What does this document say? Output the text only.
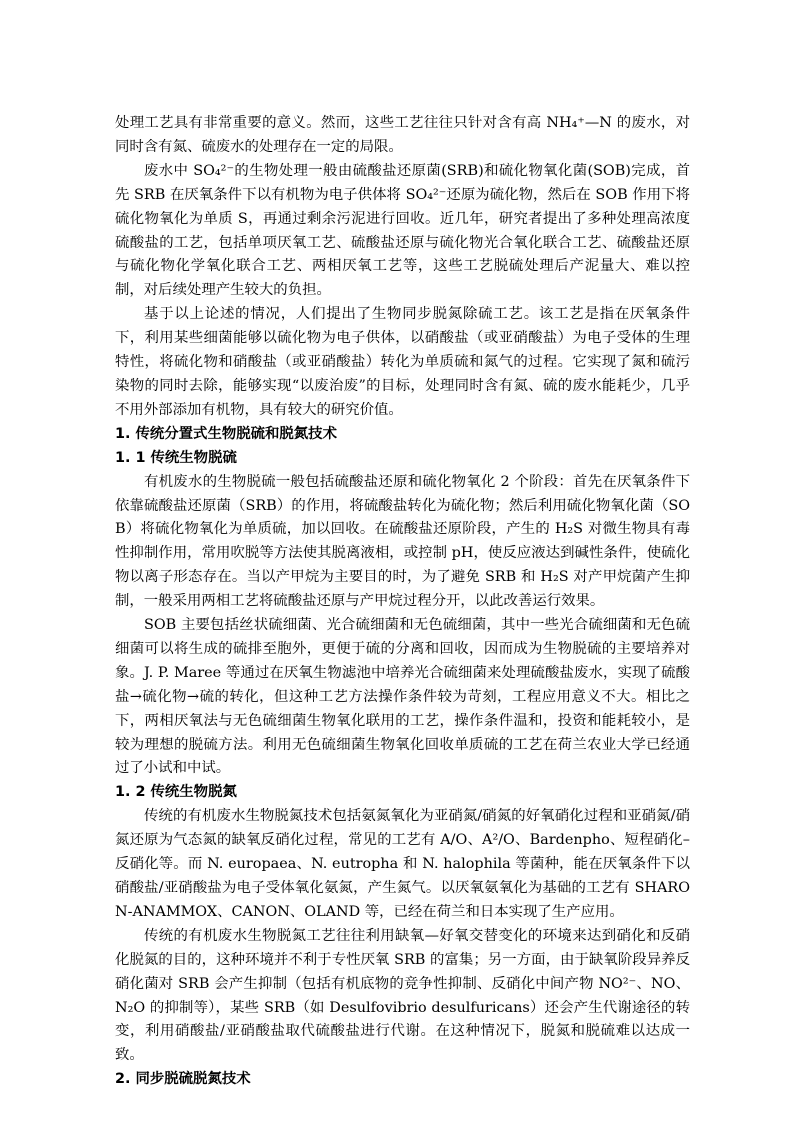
处理工艺具有非常重要的意义。然而，这些工艺往往只针对含有高 NH₄⁺—N 的废水，对同时含有氮、硫废水的处理存在一定的局限。

废水中 SO₄²⁻的生物处理一般由硫酸盐还原菌(SRB)和硫化物氧化菌(SOB)完成，首先 SRB 在厌氧条件下以有机物为电子供体将 SO₄²⁻还原为硫化物，然后在 SOB 作用下将硫化物氧化为单质 S，再通过剩余污泥进行回收。近几年，研究者提出了多种处理高浓度硫酸盐的工艺，包括单项厌氧工艺、硫酸盐还原与硫化物光合氧化联合工艺、硫酸盐还原与硫化物化学氧化联合工艺、两相厌氧工艺等，这些工艺脱硫处理后产泥量大、难以控制，对后续处理产生较大的负担。

基于以上论述的情况，人们提出了生物同步脱氮除硫工艺。该工艺是指在厌氧条件下，利用某些细菌能够以硫化物为电子供体，以硝酸盐（或亚硝酸盐）为电子受体的生理特性，将硫化物和硝酸盐（或亚硝酸盐）转化为单质硫和氮气的过程。它实现了氮和硫污染物的同时去除，能够实现“以废治废”的目标，处理同时含有氮、硫的废水能耗少，几乎不用外部添加有机物，具有较大的研究价值。

1. 传统分置式生物脱硫和脱氮技术
1. 1 传统生物脱硫

有机废水的生物脱硫一般包括硫酸盐还原和硫化物氧化 2 个阶段：首先在厌氧条件下依靠硫酸盐还原菌（SRB）的作用，将硫酸盐转化为硫化物；然后利用硫化物氧化菌（SOB）将硫化物氧化为单质硫，加以回收。在硫酸盐还原阶段，产生的 H₂S 对微生物具有毒性抑制作用，常用吹脱等方法使其脱离液相，或控制 pH，使反应液达到碱性条件，使硫化物以离子形态存在。当以产甲烷为主要目的时，为了避免 SRB 和 H₂S 对产甲烷菌产生抑制，一般采用两相工艺将硫酸盐还原与产甲烷过程分开，以此改善运行效果。

SOB 主要包括丝状硫细菌、光合硫细菌和无色硫细菌，其中一些光合硫细菌和无色硫细菌可以将生成的硫排至胞外，更便于硫的分离和回收，因而成为生物脱硫的主要培养对象。J. P. Maree 等通过在厌氧生物滤池中培养光合硫细菌来处理硫酸盐废水，实现了硫酸盐→硫化物→硫的转化，但这种工艺方法操作条件较为苛刻，工程应用意义不大。相比之下，两相厌氧法与无色硫细菌生物氧化联用的工艺，操作条件温和，投资和能耗较小，是较为理想的脱硫方法。利用无色硫细菌生物氧化回收单质硫的工艺在荷兰农业大学已经通过了小试和中试。

1. 2 传统生物脱氮

传统的有机废水生物脱氮技术包括氨氮氧化为亚硝氮/硝氮的好氧硝化过程和亚硝氮/硝氮还原为气态氮的缺氧反硝化过程，常见的工艺有 A/O、A²/O、Bardenpho、短程硝化–反硝化等。而 N. europaea、N. eutropha 和 N. halophila 等菌种，能在厌氧条件下以硝酸盐/亚硝酸盐为电子受体氧化氨氮，产生氮气。以厌氧氨氧化为基础的工艺有 SHARON-ANAMMOX、CANON、OLAND 等，已经在荷兰和日本实现了生产应用。

传统的有机废水生物脱氮工艺往往利用缺氧—好氧交替变化的环境来达到硝化和反硝化脱氮的目的，这种环境并不利于专性厌氧 SRB 的富集；另一方面，由于缺氧阶段异养反硝化菌对 SRB 会产生抑制（包括有机底物的竞争性抑制、反硝化中间产物 NO²⁻、NO、N₂O 的抑制等），某些 SRB（如 Desulfovibrio desulfuricans）还会产生代谢途径的转变，利用硝酸盐/亚硝酸盐取代硫酸盐进行代谢。在这种情况下，脱氮和脱硫难以达成一致。

2. 同步脱硫脱氮技术
